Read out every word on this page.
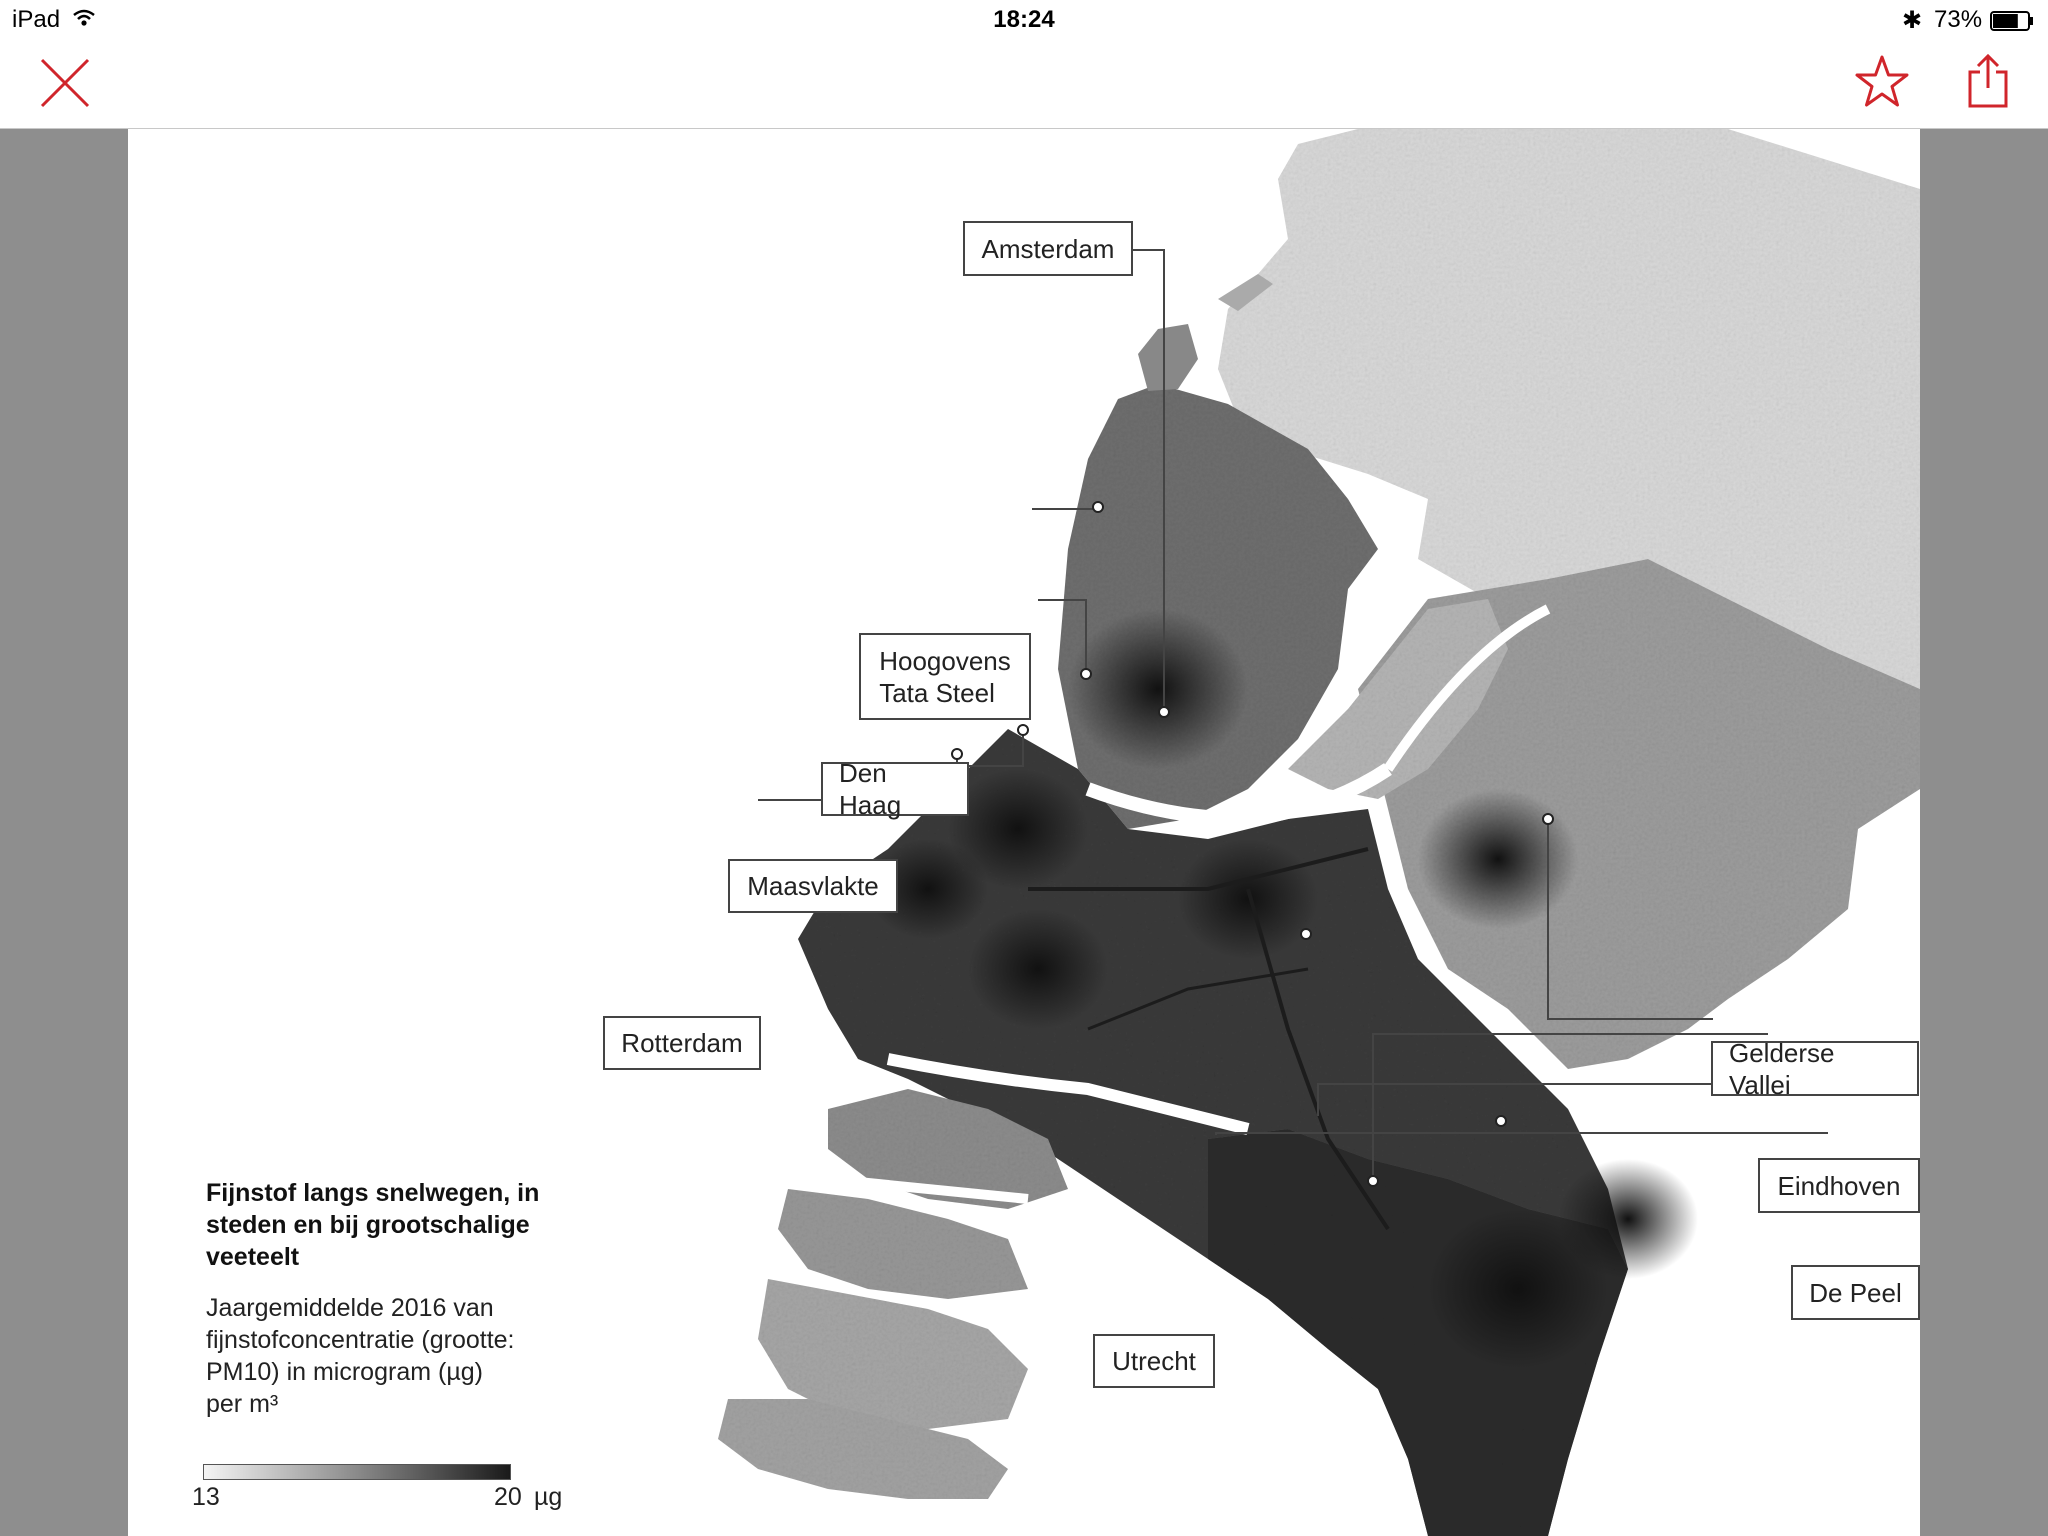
iPad	18:24	✱ 73%
Amsterdam
Hoogovens
Tata Steel
Den Haag
Maasvlakte
Rotterdam	Gelderse Vallei
Eindhoven
De Peel
Utrecht
Fijnstof langs snelwegen, in steden en bij grootschalige veeteelt
Jaargemiddelde 2016 van fijnstofconcentratie (grootte: PM10) in microgram (µg) per m³
13	20 µg
